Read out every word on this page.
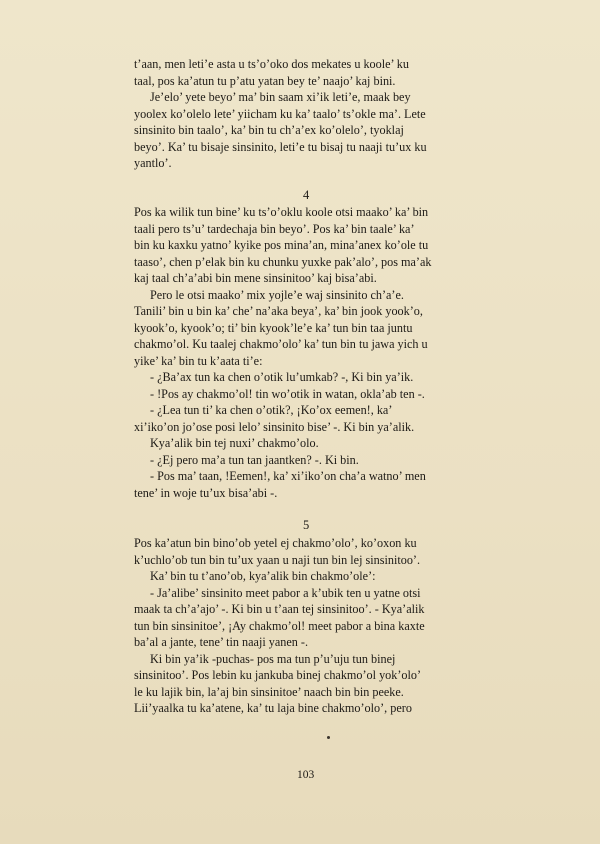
t’aan, men leti’e asta u ts’o’oko dos mekates u koole’ ku
taal, pos ka’atun tu p’atu yatan bey te’ naajo’ kaj bini.
Je’elo’ yete beyo’ ma’ bin saam xi’ik leti’e, maak bey
yoolex ko’olelo lete’ yiicham ku ka’ taalo’ ts’okle ma’. Lete
sinsinito bin taalo’, ka’ bin tu ch’a’ex ko’olelo’, tyoklaj
beyo’. Ka’ tu bisaje sinsinito, leti’e tu bisaj tu naaji tu’ux ku
yantlo’.
4
Pos ka wilik tun bine’ ku ts’o’oklu koole otsi maako’ ka’ bin
taali pero ts’u’ tardechaja bin beyo’. Pos ka’ bin taale’ ka’
bin ku kaxku yatno’ kyike pos mina’an, mina’anex ko’ole tu
taaso’, chen p’elak bin ku chunku yuxke pak’alo’, pos ma’ak
kaj taal ch’a’abi bin mene sinsinitoo’ kaj bisa’abi.
Pero le otsi maako’ mix yojle’e waj sinsinito ch’a’e.
Tanili’ bin u bin ka’ che’ na’aka beya’, ka’ bin jook yook’o,
kyook’o, kyook’o; ti’ bin kyook’le’e ka’ tun bin taa juntu
chakmo’ol. Ku taalej chakmo’olo’ ka’ tun bin tu jawa yich u
yike’ ka’ bin tu k’aata ti’e:
- ¿Ba’ax tun ka chen o’otik lu’umkab? -, Ki bin ya’ik.
- !Pos ay chakmo’ol! tin wo’otik in watan, okla’ab ten -.
- ¿Lea tun ti’ ka chen o’otik?, ¡Ko’ox eemen!, ka’
xi’iko’on jo’ose posi lelo’ sinsinito bise’ -. Ki bin ya’alik.
Kya’alik bin tej nuxi’ chakmo’olo.
- ¿Ej pero ma’a tun tan jaantken? -. Ki bin.
- Pos ma’ taan, !Eemen!, ka’ xi’iko’on cha’a watno’ men
tene’ in woje tu’ux bisa’abi -.
5
Pos ka’atun bin bino’ob yetel ej chakmo’olo’, ko’oxon ku
k’uchlo’ob tun bin tu’ux yaan u naji tun bin lej sinsinitoo’.
Ka’ bin tu t’ano’ob, kya’alik bin chakmo’ole’:
- Ja’alibe’ sinsinito meet pabor a k’ubik ten u yatne otsi
maak ta ch’a’ajo’ -. Ki bin u t’aan tej sinsinitoo’. - Kya’alik
tun bin sinsinitoe’, ¡Ay chakmo’ol! meet pabor a bina kaxte
ba’al a jante, tene’ tin naaji yanen -.
Ki bin ya’ik -puchas- pos ma tun p’u’uju tun binej
sinsinitoo’. Pos lebin ku jankuba binej chakmo’ol yok’olo’
le ku lajik bin, la’aj bin sinsinitoe’ naach bin bin peeke.
Lii’yaalka tu ka’atene, ka’ tu laja bine chakmo’olo’, pero
103
